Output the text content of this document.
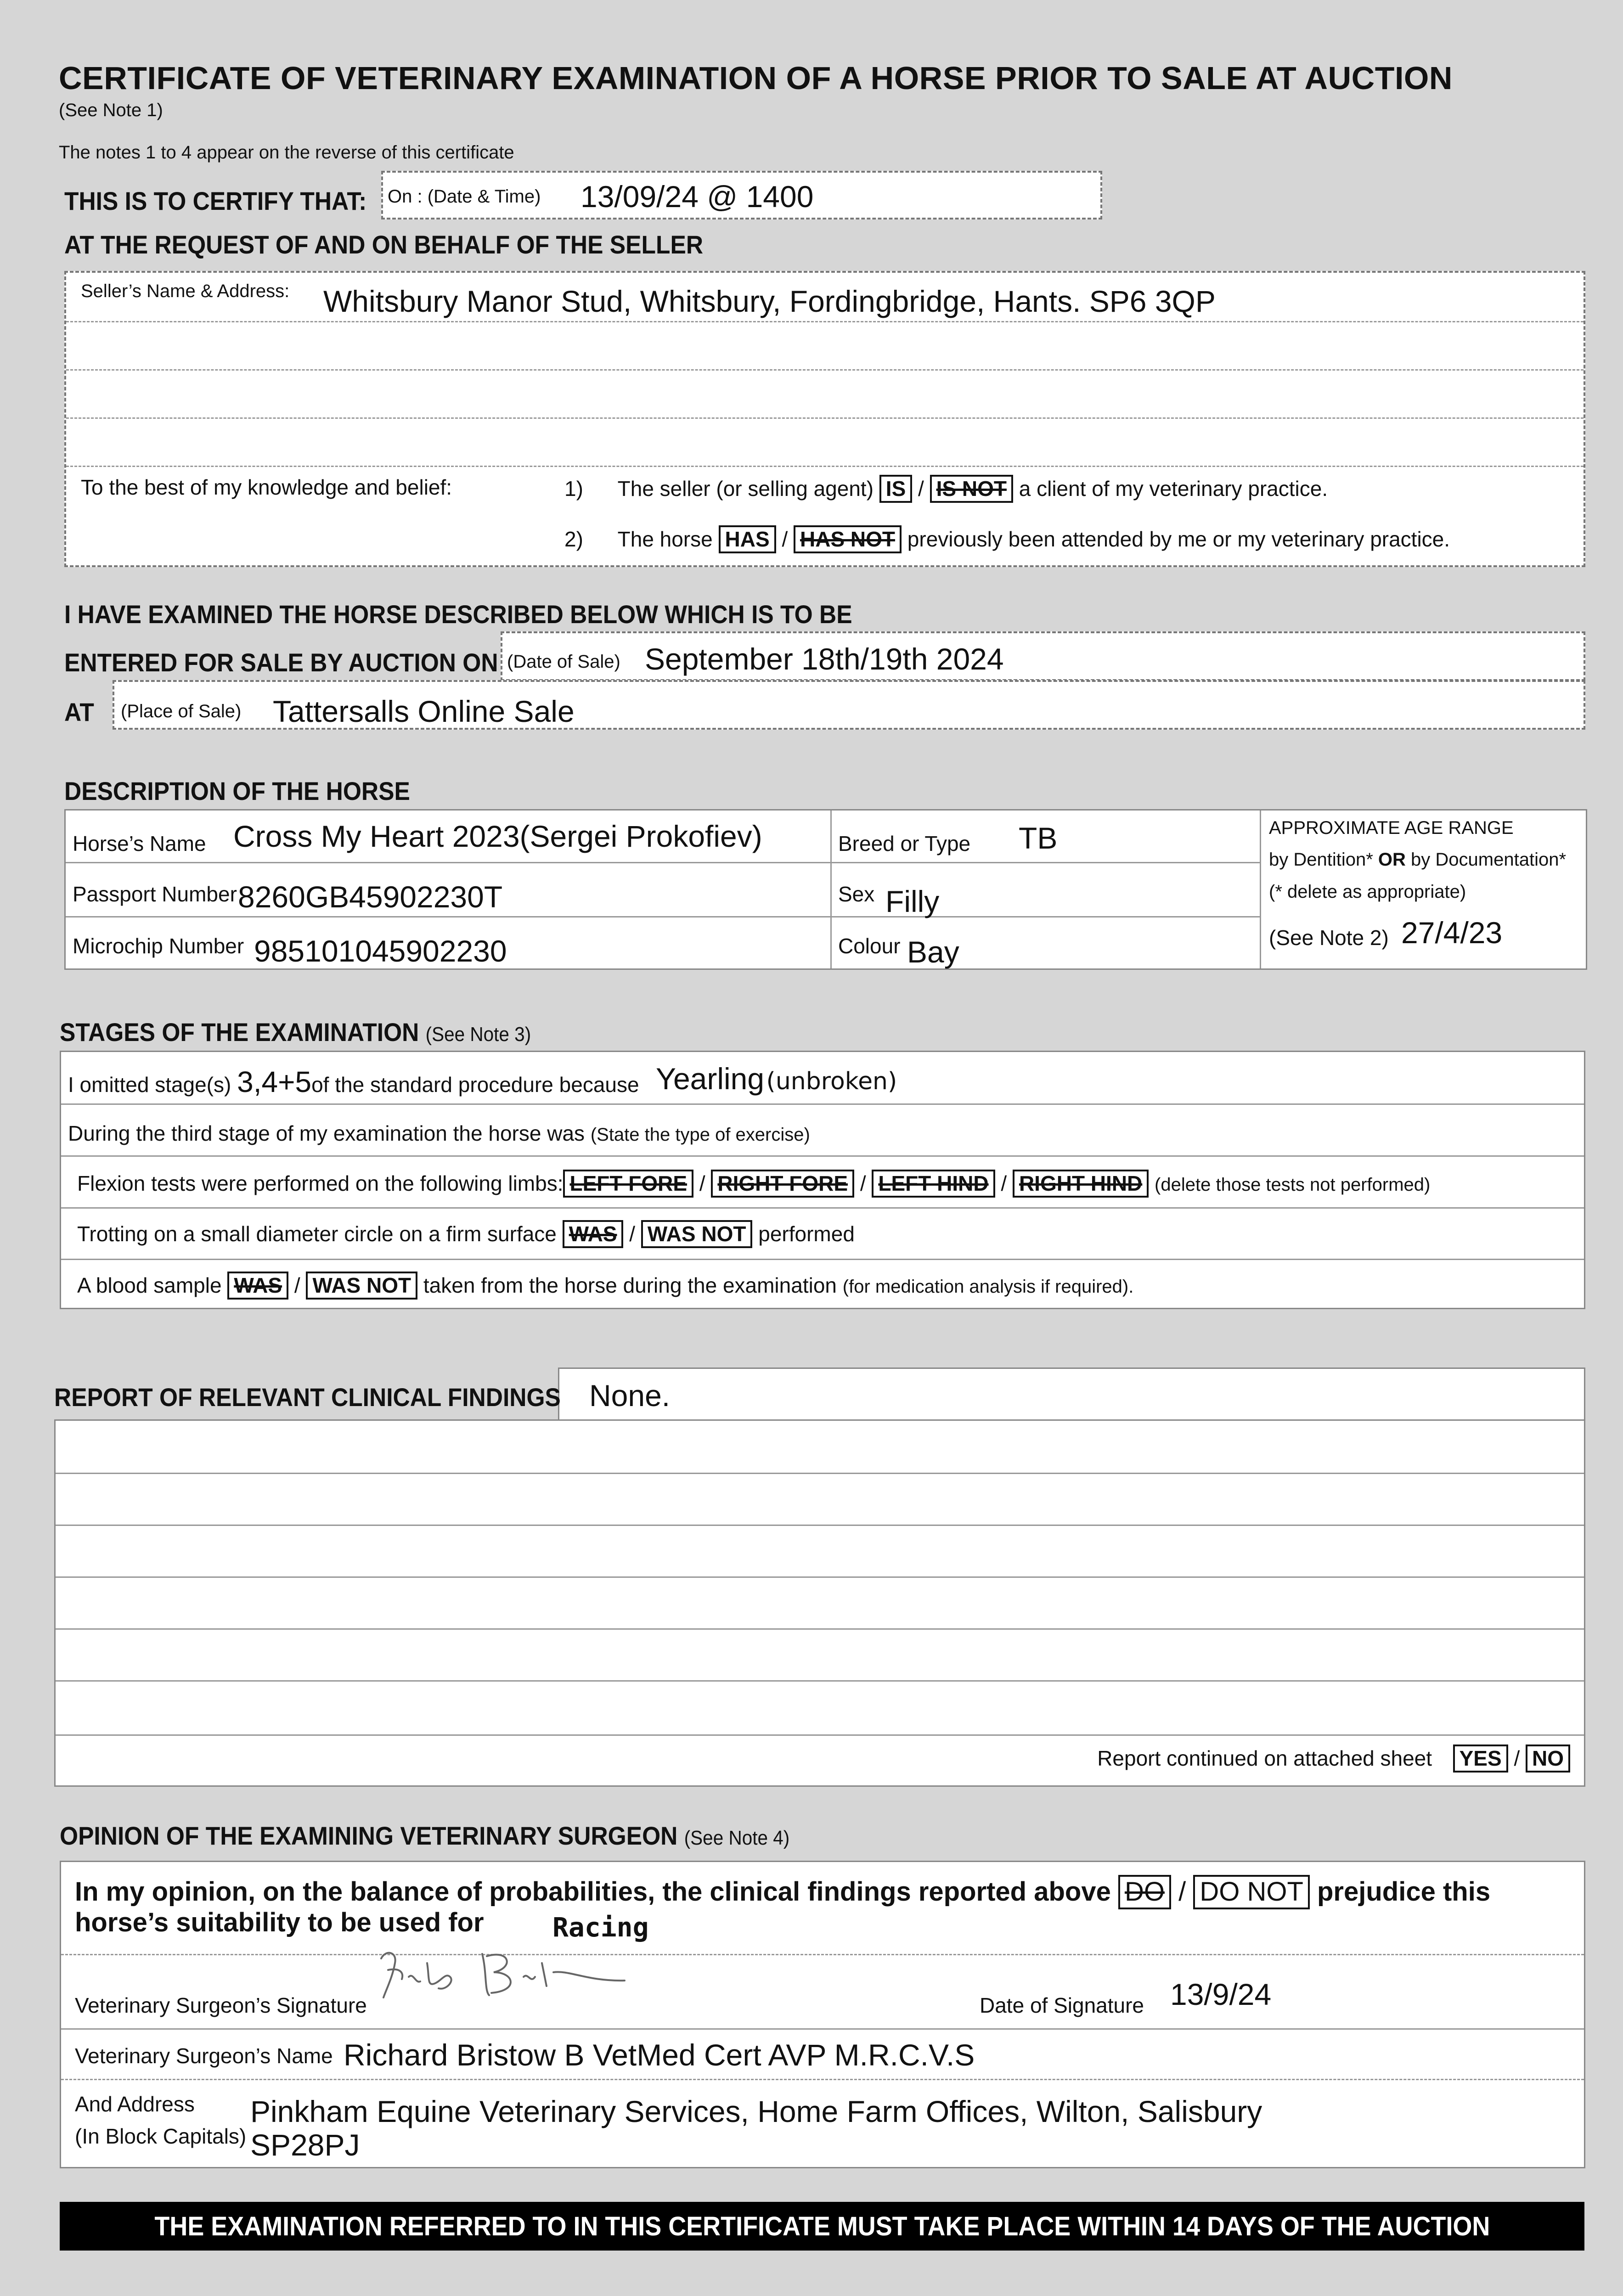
CERTIFICATE OF VETERINARY EXAMINATION OF A HORSE PRIOR TO SALE AT AUCTION
(See Note 1)
The notes 1 to 4 appear on the reverse of this certificate
THIS IS TO CERTIFY THAT: On : (Date & Time) 13/09/24 @ 1400
AT THE REQUEST OF AND ON BEHALF OF THE SELLER
Seller’s Name & Address: Whitsbury Manor Stud, Whitsbury, Fordingbridge, Hants. SP6 3QP
To the best of my knowledge and belief:	1) The seller (or selling agent) IS / IS NOT a client of my veterinary practice.
2) The horse HAS / HAS NOT previously been attended by me or my veterinary practice.
I HAVE EXAMINED THE HORSE DESCRIBED BELOW WHICH IS TO BE
ENTERED FOR SALE BY AUCTION ON (Date of Sale) September 18th/19th 2024
AT (Place of Sale) Tattersalls Online Sale
DESCRIPTION OF THE HORSE
Horse’s Name Cross My Heart 2023(Sergei Prokofiev)
Passport Number 8260GB45902230T
Microchip Number 985101045902230
Breed or Type TB
Sex Filly
Colour Bay
APPROXIMATE AGE RANGE
by Dentition* OR by Documentation*
(* delete as appropriate)
(See Note 2) 27/4/23
STAGES OF THE EXAMINATION (See Note 3)
I omitted stage(s) 3,4+5of the standard procedure because Yearling (unbroken)
During the third stage of my examination the horse was (State the type of exercise)
Flexion tests were performed on the following limbs: LEFT FORE / RIGHT FORE / LEFT HIND / RIGHT HIND (delete those tests not performed)
Trotting on a small diameter circle on a firm surface WAS / WAS NOT performed
A blood sample WAS / WAS NOT taken from the horse during the examination (for medication analysis if required).
None.
REPORT OF RELEVANT CLINICAL FINDINGS
Report continued on attached sheet YES / NO
OPINION OF THE EXAMINING VETERINARY SURGEON (See Note 4)
In my opinion, on the balance of probabilities, the clinical findings reported above DO / DO NOT prejudice this
horse’s suitability to be used for	Racing
Veterinary Surgeon’s Signature	Date of Signature 13/9/24
Veterinary Surgeon’s Name Richard Bristow B VetMed Cert AVP M.R.C.V.S
And Address
(In Block Capitals)
Pinkham Equine Veterinary Services, Home Farm Offices, Wilton, Salisbury
SP28PJ
THE EXAMINATION REFERRED TO IN THIS CERTIFICATE MUST TAKE PLACE WITHIN 14 DAYS OF THE AUCTION
